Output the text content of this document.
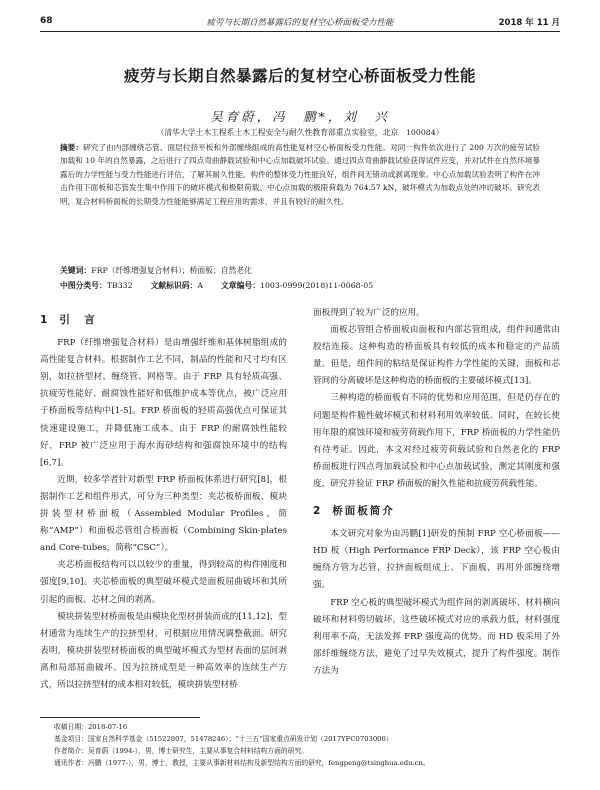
68	疲劳与长期自然暴露后的复材空心桥面板受力性能	2018 年 11 月
疲劳与长期自然暴露后的复材空心桥面板受力性能
吴育蔚，冯　鹏*，刘　兴
（清华大学土木工程系土木工程安全与耐久性教育部重点实验室，北京　100084）
摘要：研究了由内部缠绕芯管、面层拉挤平板和外部缠绕组成的高性能复材空心桥面板受力性能。对同一构件依次进行了 200 万次的疲劳试验加载和 10 年的自然暴露，之后进行了四点弯曲静载试验和中心点加载破坏试验。通过四点弯曲静载试验获得试件应变，并对试件在自然环境暴露后的力学性能与受力性能进行评估，了解其耐久性能，构件的整体受力性能良好，组件间无错动或剥离现象。中心点加载试验表明了构件在冲击作用下面板和芯管发生集中作用下的破坏模式和极限荷载。中心点加载的极限荷载为 764.57 kN，破坏模式为加载点处的冲切破坏。研究表明，复合材料桥面板的长期受力性能能够满足工程应用的需求，并且有较好的耐久性。
关键词：FRP（纤维增强复合材料）；桥面板；自然老化
中图分类号：TB332 文献标识码：A 文章编号：1003-0999(2018)11-0068-05
1 引　言

FRP（纤维增强复合材料）是由增强纤维和基体树脂组成的高性能复合材料。根据制作工艺不同，制品的性能和尺寸均有区别，如拉挤型材、缠绕管、网格等。由于 FRP 具有轻质高强、抗疲劳性能好、耐腐蚀性能好和低维护成本等优点，被广泛应用于桥面板等结构中[1-5]。FRP 桥面板的轻质高强优点可保证其快速建设施工，并降低施工成本。由于 FRP 的耐腐蚀性能较好，FRP 被广泛应用于海水海砂结构和强腐蚀环境中的结构[6,7]。

近期，较多学者针对新型 FRP 桥面板体系进行研究[8]，根据制作工艺和组件形式，可分为三种类型：夹芯板桥面板、模块拼装型材桥面板（Assembled Modular Profiles，简称“AMP”）和面板芯管组合桥面板（Combining Skin-plates and Core-tubes，简称“CSC”）。

夹芯桥面板结构可以以较少的重量，得到较高的构件刚度和强度[9,10]。夹芯桥面板的典型破坏模式是面板屈曲破坏和其所引起的面板、芯材之间的剥离。

模块拼装型材桥面板是由模块化型材拼装而成的[11,12]，型材通常为连续生产的拉挤型材，可根据应用情况调整截面。研究表明，模块拼装型材桥面板的典型破坏模式为型材表面的层间剥离和局部屈曲破坏。因为拉挤成型是一种高效率的连续生产方式，所以拉挤型材的成本相对较低，模块拼装型材桥

面板得到了较为广泛的应用。

面板芯管组合桥面板由面板和内部芯管组成，组件间通常由胶结连接。这种构造的桥面板具有较低的成本和稳定的产品质量。但是，组件间的粘结是保证构件力学性能的关键，面板和芯管间的分离破坏是这种构造的桥面板的主要破坏模式[13]。

三种构造的桥面板有不同的优势和应用范围，但是仍存在的问题是构件脆性破坏模式和材料利用效率较低。同时，在较长使用年限的腐蚀环境和疲劳荷载作用下，FRP 桥面板的力学性能仍有待考证。因此，本文对经过疲劳荷载试验和自然老化的 FRP 桥面板进行四点弯加载试验和中心点加载试验，测定其刚度和强度，研究并验证 FRP 桥面板的耐久性能和抗疲劳荷载性能。

2 桥面板简介

本文研究对象为由冯鹏[1]研发的预制 FRP 空心桥面板——HD 板（High Performance FRP Deck），该 FRP 空心板由缠绕方管为芯管，拉挤面板组成上、下面板，再用外部缠绕增强。

FRP 空心板的典型破坏模式为组件间的剥离破坏、材料横向破坏和材料剪切破坏，这些破坏模式对应的承载力低，材料强度利用率不高，无法发挥 FRP 强度高的优势。而 HD 板采用了外部纤维缠绕方法，避免了过早失效模式，提升了构件强度。制作方法为

收稿日期：2018-07-16
基金项目：国家自然科学基金（51522807，51478246）；“十三五”国家重点研发计划（2017YFC0703000）
作者简介：吴育蔚（1994-），男，博士研究生，主要从事复合材料结构方面的研究。
通讯作者：冯鹏（1977-），男，博士，教授，主要从事新材料结构及新型结构方面的研究，fengpeng@tsinghua.edu.cn。
